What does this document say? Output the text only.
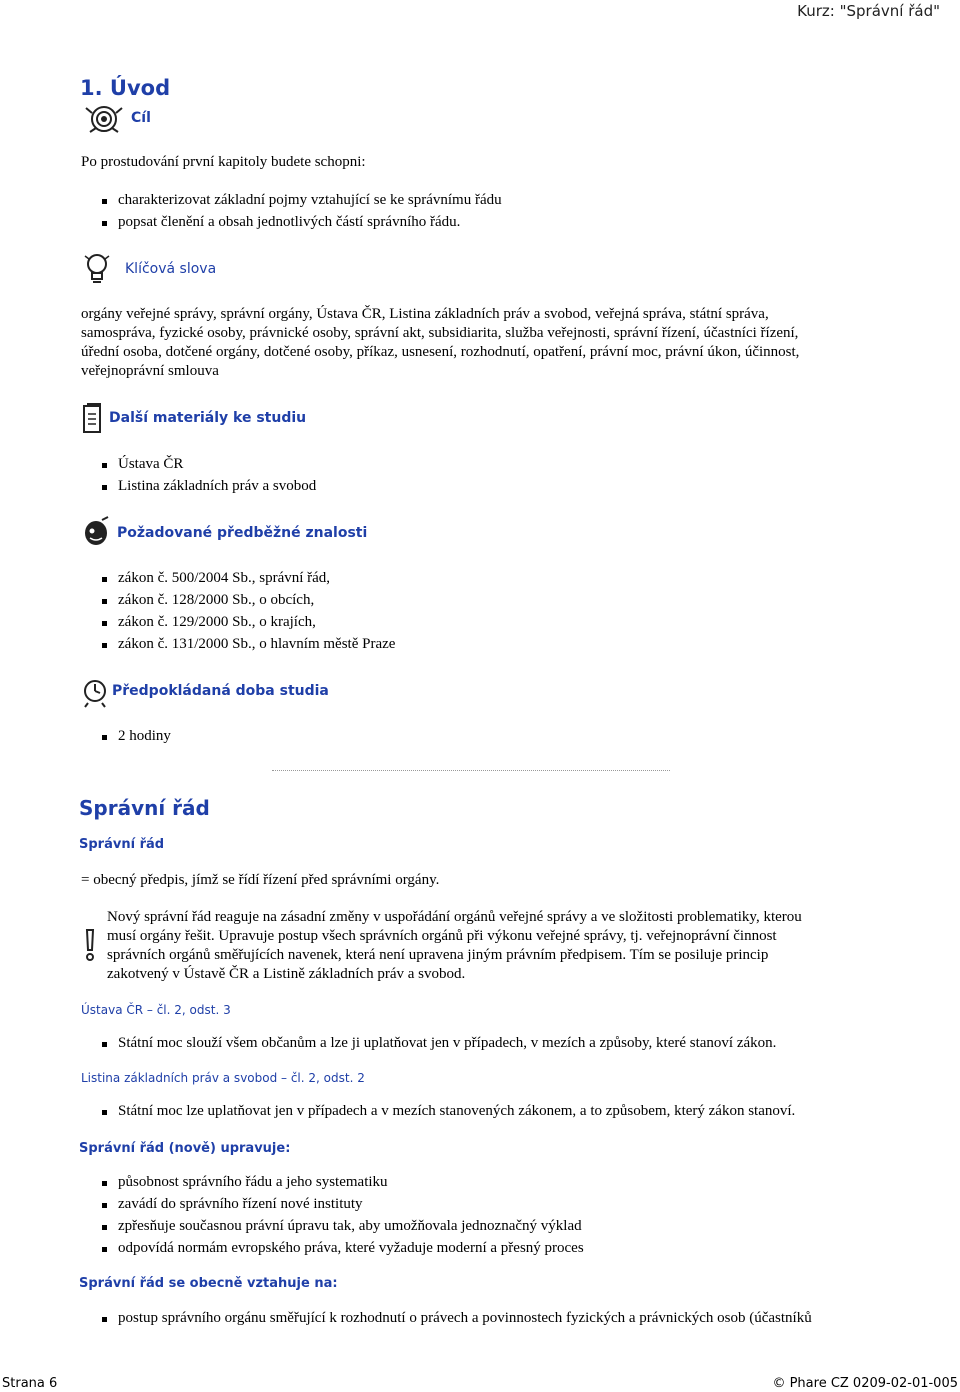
Kurz: "Správní řád"
1. Úvod
Cíl
Po prostudování první kapitoly budete schopni:
charakterizovat základní pojmy vztahující se ke správnímu řádu
popsat členění a obsah jednotlivých částí správního řádu.
Klíčová slova
orgány veřejné správy, správní orgány, Ústava ČR, Listina základních práv a svobod, veřejná správa, státní správa,
samospráva, fyzické osoby, právnické osoby, správní akt, subsidiarita, služba veřejnosti, správní řízení, účastníci řízení,
úřední osoba, dotčené orgány, dotčené osoby, příkaz, usnesení, rozhodnutí, opatření, právní moc, právní úkon, účinnost,
veřejnoprávní smlouva
Další materiály ke studiu
Ústava ČR
Listina základních práv a svobod
Požadované předběžné znalosti
zákon č. 500/2004 Sb., správní řád,
zákon č. 128/2000 Sb., o obcích,
zákon č. 129/2000 Sb., o krajích,
zákon č. 131/2000 Sb., o hlavním městě Praze
Předpokládaná doba studia
2 hodiny
Správní řád
Správní řád
= obecný předpis, jímž se řídí řízení před správními orgány.
Nový správní řád reaguje na zásadní změny v uspořádání orgánů veřejné správy a ve složitosti problematiky, kterou
musí orgány řešit. Upravuje postup všech správních orgánů při výkonu veřejné správy, tj. veřejnoprávní činnost
správních orgánů směřujících navenek, která není upravena jiným právním předpisem. Tím se posiluje princip
zakotvený v Ústavě ČR a Listině základních práv a svobod.
Ústava ČR – čl. 2, odst. 3
Státní moc slouží všem občanům a lze ji uplatňovat jen v případech, v mezích a způsoby, které stanoví zákon.
Listina základních práv a svobod – čl. 2, odst. 2
Státní moc lze uplatňovat jen v případech a v mezích stanovených zákonem, a to způsobem, který zákon stanoví.
Správní řád (nově) upravuje:
působnost správního řádu a jeho systematiku
zavádí do správního řízení nové instituty
zpřesňuje současnou právní úpravu tak, aby umožňovala jednoznačný výklad
odpovídá normám evropského práva, které vyžaduje moderní a přesný proces
Správní řád se obecně vztahuje na:
postup správního orgánu směřující k rozhodnutí o právech a povinnostech fyzických a právnických osob (účastníků
Strana 6	© Phare CZ 0209-02-01-005
